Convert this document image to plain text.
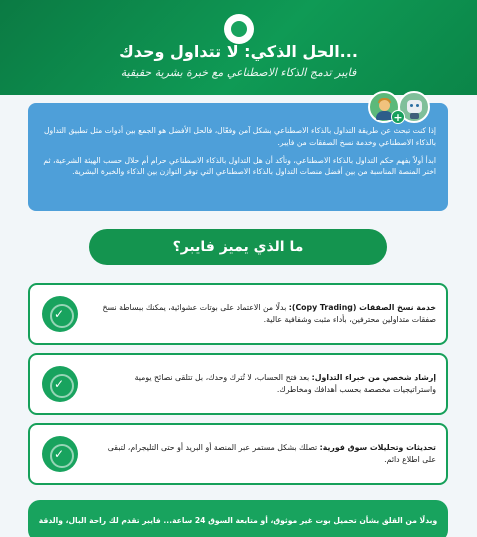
...الحل الذكي: لا تتداول وحدك
فايبر تدمج الذكاء الاصطناعي مع خبرة بشرية حقيقية
+

إذا كنت تبحث عن طريقة التداول بالذكاء الاصطناعي بشكل آمن وفعّال، فالحل الأفضل هو الجمع بين أدوات مثل تطبيق التداول بالذكاء الاصطناعي وخدمة نسخ الصفقات من فايبر.

ابدأ أولاً بفهم حكم التداول بالذكاء الاصطناعي، وتأكد أن هل التداول بالذكاء الاصطناعي حرام أم حلال حسب الهيئة الشرعية، ثم اختر المنصة المناسبة من بين أفضل منصات التداول بالذكاء الاصطناعي التي توفر التوازن بين الذكاء والخبرة البشرية.

ما الذي يميز فايبر؟
✓	خدمة نسخ الصفقات (Copy Trading): بدلًا من الاعتماد على بوتات عشوائية، يمكنك ببساطة نسخ صفقات متداولين محترفين، بأداء مثبت وشفافية عالية.
✓	إرشاد شخصي من خبراء التداول: بعد فتح الحساب، لا تُترك وحدك، بل تتلقى نصائح يومية واستراتيجيات مخصصة بحسب أهدافك ومخاطرك.
✓	تحديثات وتحليلات سوق فورية: تصلك بشكل مستمر عبر المنصة أو البريد أو حتى التليجرام، لتبقى على اطلاع دائم.
وبدلًا من القلق بشأن تحميل بوت غير موثوق، أو متابعة السوق 24 ساعة... فايبر تقدم لك راحة البال، والدقة
